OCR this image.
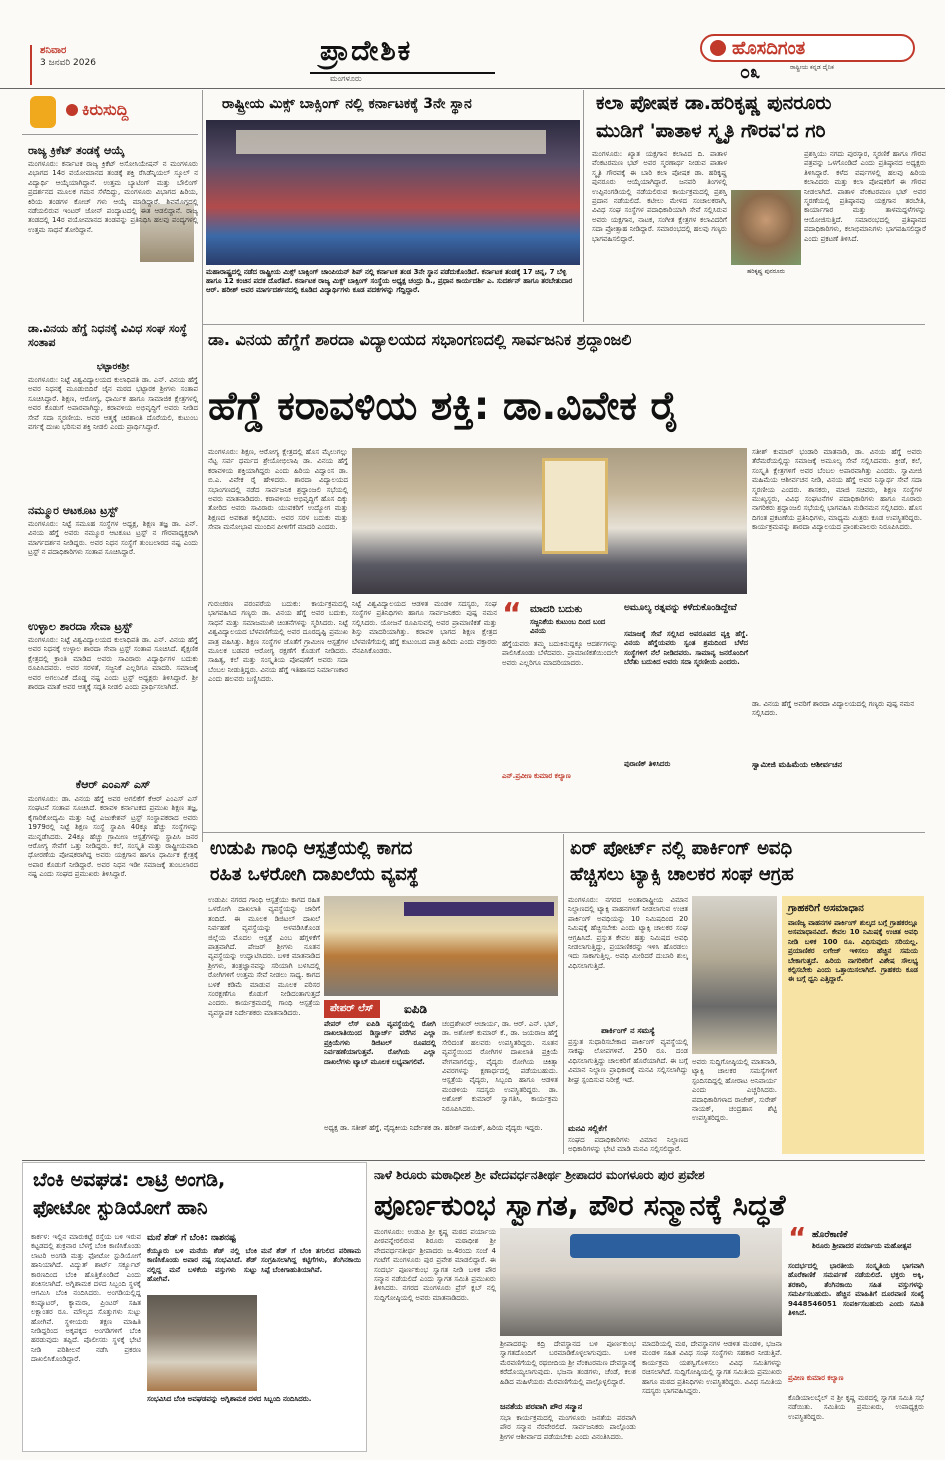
ಶನಿವಾರ
3 ಜನವರಿ 2026
ಮಂಗಳೂರು
ಪ್ರಾದೇಶಿಕ	ಹೊಸದಿಗಂತ
ರಾಷ್ಟ್ರೀಯ ಕನ್ನಡ ದೈನಿಕ
೦೩
ಕಿರುಸುದ್ದಿ
ರಾಜ್ಯ ಕ್ರಿಕೆಟ್ ತಂಡಕ್ಕೆ ಆಯ್ಕೆ
ಮಂಗಳೂರು: ಕರ್ನಾಟಕ ರಾಜ್ಯ ಕ್ರಿಕೆಟ್ ಅಸೋಸಿಯೇಷನ್ ನ ಮಂಗಳೂರು ವಿಭಾಗದ 14ರ ವಯೋಮಾನದ ತಂಡಕ್ಕೆ ಶಕ್ತಿ ರೆಸಿಡೆನ್ಶಿಯಲ್ ಸ್ಕೂಲ್ ನ ವಿದ್ಯಾರ್ಥಿ ಆಯ್ಕೆಯಾಗಿದ್ದಾನೆ. ಉತ್ತಮ ಬ್ಯಾಟಿಂಗ್ ಮತ್ತು ಬೌಲಿಂಗ್ ಪ್ರದರ್ಶನದ ಮೂಲಕ ಗಮನ ಸೆಳೆದಿದ್ದು, ಮಂಗಳೂರು ವಿಭಾಗದ ಹಿರಿಯ, ಕಿರಿಯ ತಂಡಗಳ ಕೋಚ್ ಗಳು ಆಯ್ಕೆ ಮಾಡಿದ್ದಾರೆ. ಶಿವಮೊಗ್ಗದಲ್ಲಿ ನಡೆಯಲಿರುವ ಇಂಟರ್ ಜೋನ್ ಪಂದ್ಯಾಟದಲ್ಲಿ ಈತ ಆಡಲಿದ್ದಾನೆ. ರಾಜ್ಯ ತಂಡದಲ್ಲಿ 14ರ ವಯೋಮಾನದ ತಂಡವನ್ನು ಪ್ರತಿನಿಧಿಸಿ ಹಲವು ಪಂದ್ಯಗಳಲ್ಲಿ ಉತ್ತಮ ಸಾಧನೆ ತೋರಿದ್ದಾನೆ.
ಡಾ.ವಿನಯ ಹೆಗ್ಡೆ ನಿಧನಕ್ಕೆ ವಿವಿಧ ಸಂಘ ಸಂಸ್ಥೆ ಸಂತಾಪ
ಭಟ್ಟಾರಕಶ್ರೀ
ಮಂಗಳೂರು: ನಿಟ್ಟೆ ವಿಶ್ವವಿದ್ಯಾಲಯದ ಕುಲಾಧಿಪತಿ ಡಾ. ಎನ್. ವಿನಯ ಹೆಗ್ಡೆ ಅವರ ನಿಧನಕ್ಕೆ ಮೂಡುಬಿದಿರೆ ಜೈನ ಮಠದ ಭಟ್ಟಾರಕ ಶ್ರೀಗಳು ಸಂತಾಪ ಸೂಚಿಸಿದ್ದಾರೆ. ಶಿಕ್ಷಣ, ಆರೋಗ್ಯ, ಧಾರ್ಮಿಕ ಹಾಗೂ ಸಾಮಾಜಿಕ ಕ್ಷೇತ್ರಗಳಲ್ಲಿ ಅವರ ಕೊಡುಗೆ ಅಪಾರವಾಗಿದ್ದು, ಕರಾವಳಿಯ ಅಭಿವೃದ್ಧಿಗೆ ಅವರು ನೀಡಿದ ಸೇವೆ ಸದಾ ಸ್ಮರಣೀಯ. ಅವರ ಆತ್ಮಕ್ಕೆ ಚಿರಶಾಂತಿ ದೊರೆಯಲಿ, ಕುಟುಂಬ ವರ್ಗಕ್ಕೆ ದುಃಖ ಭರಿಸುವ ಶಕ್ತಿ ನೀಡಲಿ ಎಂದು ಪ್ರಾರ್ಥಿಸಿದ್ದಾರೆ.
ನಮ್ಮೂರ ಆಟಕೂಟ ಟ್ರಸ್ಟ್
ಮಂಗಳೂರು: ನಿಟ್ಟೆ ಸಮೂಹ ಸಂಸ್ಥೆಗಳ ಅಧ್ಯಕ್ಷ, ಶಿಕ್ಷಣ ತಜ್ಞ ಡಾ. ಎನ್. ವಿನಯ ಹೆಗ್ಡೆ ಅವರು ನಮ್ಮೂರ ಆಟಕೂಟ ಟ್ರಸ್ಟ್ ನ ಗೌರವಾಧ್ಯಕ್ಷರಾಗಿ ಮಾರ್ಗದರ್ಶನ ನೀಡಿದ್ದರು. ಅವರ ನಿಧನ ಸಂಸ್ಥೆಗೆ ತುಂಬಲಾರದ ನಷ್ಟ ಎಂದು ಟ್ರಸ್ಟ್ ನ ಪದಾಧಿಕಾರಿಗಳು ಸಂತಾಪ ಸೂಚಿಸಿದ್ದಾರೆ.
ಉಳ್ಳಾಲ ಶಾರದಾ ಸೇವಾ ಟ್ರಸ್ಟ್
ಮಂಗಳೂರು: ನಿಟ್ಟೆ ವಿಶ್ವವಿದ್ಯಾಲಯದ ಕುಲಾಧಿಪತಿ ಡಾ. ಎನ್. ವಿನಯ ಹೆಗ್ಡೆ ಅವರ ನಿಧನಕ್ಕೆ ಉಳ್ಳಾಲ ಶಾರದಾ ಸೇವಾ ಟ್ರಸ್ಟ್ ಸಂತಾಪ ಸೂಚಿಸಿದೆ. ಶೈಕ್ಷಣಿಕ ಕ್ಷೇತ್ರದಲ್ಲಿ ಕ್ರಾಂತಿ ಮಾಡಿದ ಅವರು ಸಾವಿರಾರು ವಿದ್ಯಾರ್ಥಿಗಳ ಬದುಕು ರೂಪಿಸಿದವರು. ಅವರ ಸರಳತೆ, ಸಜ್ಜನಿಕೆ ಎಲ್ಲರಿಗೂ ಮಾದರಿ. ಸಮಾಜಕ್ಕೆ ಅವರ ಅಗಲುವಿಕೆ ದೊಡ್ಡ ನಷ್ಟ ಎಂದು ಟ್ರಸ್ಟ್ ಅಧ್ಯಕ್ಷರು ತಿಳಿಸಿದ್ದಾರೆ. ಶ್ರೀ ಶಾರದಾ ಮಾತೆ ಅವರ ಆತ್ಮಕ್ಕೆ ಸದ್ಗತಿ ನೀಡಲಿ ಎಂದು ಪ್ರಾರ್ಥಿಸಲಾಗಿದೆ.
ಕೆಆರ್ ಎಂಎಸ್ ಎಸ್
ಮಂಗಳೂರು: ಡಾ. ವಿನಯ ಹೆಗ್ಡೆ ಅವರ ಅಗಲಿಕೆಗೆ ಕೆಆರ್ ಎಂಎಸ್ ಎಸ್ ಸಂಘಟನೆ ಸಂತಾಪ ಸೂಚಿಸಿದೆ. ಕರಾವಳಿ ಕರ್ನಾಟಕದ ಪ್ರಮುಖ ಶಿಕ್ಷಣ ತಜ್ಞ, ಕೈಗಾರಿಕೋದ್ಯಮಿ ಮತ್ತು ನಿಟ್ಟೆ ಎಜುಕೇಶನ್ ಟ್ರಸ್ಟ್ ಸಂಸ್ಥಾಪಕರಾದ ಅವರು 1979ರಲ್ಲಿ ನಿಟ್ಟೆ ಶಿಕ್ಷಣ ಸಂಸ್ಥೆ ಸ್ಥಾಪಿಸಿ 40ಕ್ಕೂ ಹೆಚ್ಚು ಸಂಸ್ಥೆಗಳನ್ನು ಮುನ್ನಡೆಸಿದರು. 24ಕ್ಕೂ ಹೆಚ್ಚು ಗ್ರಾಮೀಣ ಆಸ್ಪತ್ರೆಗಳನ್ನು ಸ್ಥಾಪಿಸಿ ಜನರ ಆರೋಗ್ಯ ಸೇವೆಗೆ ಒತ್ತು ನೀಡಿದ್ದರು. ಕಲೆ, ಸಂಸ್ಕೃತಿ ಮತ್ತು ರಾಷ್ಟ್ರೀಯವಾದಿ ಧೋರಣೆಯ ಪೋಷಕರಾಗಿದ್ದ ಅವರು ಯಕ್ಷಗಾನ ಹಾಗೂ ಧಾರ್ಮಿಕ ಕ್ಷೇತ್ರಕ್ಕೆ ಅಪಾರ ಕೊಡುಗೆ ನೀಡಿದ್ದಾರೆ. ಅವರ ನಿಧನ ಇಡೀ ಸಮಾಜಕ್ಕೆ ತುಂಬಲಾರದ ನಷ್ಟ ಎಂದು ಸಂಘದ ಪ್ರಮುಖರು ತಿಳಿಸಿದ್ದಾರೆ.
ರಾಷ್ಟ್ರೀಯ ಮಿಕ್ಸ್ ಬಾಕ್ಸಿಂಗ್ ನಲ್ಲಿ ಕರ್ನಾಟಕಕ್ಕೆ 3ನೇ ಸ್ಥಾನ
ಮಹಾರಾಷ್ಟ್ರದಲ್ಲಿ ನಡೆದ ರಾಷ್ಟ್ರೀಯ ಮಿಕ್ಸ್ ಬಾಕ್ಸಿಂಗ್ ಚಾಂಪಿಯನ್ ಶಿಪ್ ನಲ್ಲಿ ಕರ್ನಾಟಕ ತಂಡ 3ನೇ ಸ್ಥಾನ ಪಡೆದುಕೊಂಡಿದೆ. ಕರ್ನಾಟಕ ತಂಡಕ್ಕೆ 17 ಚಿನ್ನ, 7 ಬೆಳ್ಳಿ ಹಾಗೂ 12 ಕಂಚಿನ ಪದಕ ದೊರೆತಿದೆ. ಕರ್ನಾಟಕ ರಾಜ್ಯ ಮಿಕ್ಸ್ ಬಾಕ್ಸಿಂಗ್ ಸಂಸ್ಥೆಯ ಅಧ್ಯಕ್ಷ ಚಂದ್ರು ಡಿ., ಪ್ರಧಾನ ಕಾರ್ಯದರ್ಶಿ ಎ. ಸುದರ್ಶನ್ ಹಾಗೂ ತರಬೇತುದಾರ ಆರ್. ಹರೀಶ್ ಅವರ ಮಾರ್ಗದರ್ಶನದಲ್ಲಿ ಕೂಡಿದ ವಿದ್ಯಾರ್ಥಿಗಳು ಕೂಡ ಪದಕಗಳನ್ನು ಗೆದ್ದಿದ್ದಾರೆ.
ಕಲಾ ಪೋಷಕ ಡಾ.ಹರಿಕೃಷ್ಣ ಪುನರೂರು
ಮುಡಿಗೆ 'ಪಾತಾಳ ಸ್ಮೃತಿ ಗೌರವ'ದ ಗರಿ
ಮಂಗಳೂರು: ಖ್ಯಾತ ಯಕ್ಷಗಾನ ಕಲಾವಿದ ದಿ. ಪಾತಾಳ ವೆಂಕಟರಮಣ ಭಟ್ ಅವರ ಸ್ಮರಣಾರ್ಥ ನೀಡುವ ಪಾತಾಳ ಸ್ಮೃತಿ ಗೌರವಕ್ಕೆ ಈ ಬಾರಿ ಕಲಾ ಪೋಷಕ ಡಾ. ಹರಿಕೃಷ್ಣ ಪುನರೂರು ಆಯ್ಕೆಯಾಗಿದ್ದಾರೆ. ಜನವರಿ ತಿಂಗಳಲ್ಲಿ ಉಪ್ಪಿನಂಗಡಿಯಲ್ಲಿ ನಡೆಯಲಿರುವ ಕಾರ್ಯಕ್ರಮದಲ್ಲಿ ಪ್ರಶಸ್ತಿ ಪ್ರದಾನ ನಡೆಯಲಿದೆ. ಕಟೀಲು ಮೇಳದ ಸಂಚಾಲಕರಾಗಿ, ವಿವಿಧ ಸಂಘ ಸಂಸ್ಥೆಗಳ ಪದಾಧಿಕಾರಿಯಾಗಿ ಸೇವೆ ಸಲ್ಲಿಸಿರುವ ಅವರು ಯಕ್ಷಗಾನ, ನಾಟಕ, ಸಂಗೀತ ಕ್ಷೇತ್ರಗಳ ಕಲಾವಿದರಿಗೆ ಸದಾ ಪ್ರೋತ್ಸಾಹ ನೀಡಿದ್ದಾರೆ. ಸಮಾರಂಭದಲ್ಲಿ ಹಲವು ಗಣ್ಯರು ಭಾಗವಹಿಸಲಿದ್ದಾರೆ.
ಹರಿಕೃಷ್ಣ ಪುನರೂರು
ಪ್ರಶಸ್ತಿಯು ನಗದು ಪುರಸ್ಕಾರ, ಸ್ಮರಣಿಕೆ ಹಾಗೂ ಗೌರವ ಪತ್ರವನ್ನು ಒಳಗೊಂಡಿದೆ ಎಂದು ಪ್ರತಿಷ್ಠಾನದ ಅಧ್ಯಕ್ಷರು ತಿಳಿಸಿದ್ದಾರೆ. ಕಳೆದ ವರ್ಷಗಳಲ್ಲಿ ಹಲವು ಹಿರಿಯ ಕಲಾವಿದರು ಮತ್ತು ಕಲಾ ಪೋಷಕರಿಗೆ ಈ ಗೌರವ ನೀಡಲಾಗಿದೆ. ಪಾತಾಳ ವೆಂಕಟರಮಣ ಭಟ್ ಅವರ ಸ್ಮರಣೆಯಲ್ಲಿ ಪ್ರತಿಷ್ಠಾನವು ಯಕ್ಷಗಾನ ತರಬೇತಿ, ಕಾರ್ಯಾಗಾರ ಮತ್ತು ತಾಳಮದ್ದಳೆಗಳನ್ನು ಆಯೋಜಿಸುತ್ತಿದೆ. ಸಮಾರಂಭದಲ್ಲಿ ಪ್ರತಿಷ್ಠಾನದ ಪದಾಧಿಕಾರಿಗಳು, ಕಲಾಭಿಮಾನಿಗಳು ಭಾಗವಹಿಸಲಿದ್ದಾರೆ ಎಂದು ಪ್ರಕಟಣೆ ತಿಳಿಸಿದೆ.
ಡಾ. ವಿನಯ ಹೆಗ್ಡೆಗೆ ಶಾರದಾ ವಿದ್ಯಾಲಯದ ಸಭಾಂಗಣದಲ್ಲಿ ಸಾರ್ವಜನಿಕ ಶ್ರದ್ಧಾಂಜಲಿ
ಹೆಗ್ಡೆ ಕರಾವಳಿಯ ಶಕ್ತಿ: ಡಾ.ವಿವೇಕ ರೈ
ಮಂಗಳೂರು: ಶಿಕ್ಷಣ, ಆರೋಗ್ಯ ಕ್ಷೇತ್ರದಲ್ಲಿ ಹೊಸ ಮೈಲುಗಲ್ಲು ನೆಟ್ಟ ಸರ್ವ ಧರ್ಮದ ಶ್ರೇಯೋಭಿಲಾಷಿ ಡಾ. ವಿನಯ ಹೆಗ್ಡೆ ಕರಾವಳಿಯ ಶಕ್ತಿಯಾಗಿದ್ದರು ಎಂದು ಹಿರಿಯ ವಿದ್ವಾಂಸ ಡಾ. ಬಿ.ಎ. ವಿವೇಕ ರೈ ಹೇಳಿದರು. ಶಾರದಾ ವಿದ್ಯಾಲಯದ ಸಭಾಂಗಣದಲ್ಲಿ ನಡೆದ ಸಾರ್ವಜನಿಕ ಶ್ರದ್ಧಾಂಜಲಿ ಸಭೆಯಲ್ಲಿ ಅವರು ಮಾತನಾಡಿದರು. ಕರಾವಳಿಯ ಅಭಿವೃದ್ಧಿಗೆ ಹೊಸ ದಿಕ್ಕು ತೋರಿದ ಅವರು ಸಾವಿರಾರು ಯುವಕರಿಗೆ ಉದ್ಯೋಗ ಮತ್ತು ಶಿಕ್ಷಣದ ಅವಕಾಶ ಕಲ್ಪಿಸಿದರು. ಅವರ ಸರಳ ಬದುಕು ಮತ್ತು ಸೇವಾ ಮನೋಭಾವ ಮುಂದಿನ ಪೀಳಿಗೆಗೆ ಮಾದರಿ ಎಂದರು.
ಸತೀಶ್ ಕುಮಾರ್ ಭಂಡಾರಿ ಮಾತನಾಡಿ, ಡಾ. ವಿನಯ ಹೆಗ್ಡೆ ಅವರು ತೆರೆಮರೆಯಲ್ಲಿದ್ದು ಸಮಾಜಕ್ಕೆ ಅಮೂಲ್ಯ ಸೇವೆ ಸಲ್ಲಿಸಿದವರು. ಕ್ರೀಡೆ, ಕಲೆ, ಸಂಸ್ಕೃತಿ ಕ್ಷೇತ್ರಗಳಿಗೆ ಅವರ ಬೆಂಬಲ ಅಪಾರವಾಗಿತ್ತು ಎಂದರು. ಸ್ವಾಮೀಜಿ ಮಹಿಮೆಯ ಆಶೀರ್ವಚನ ನೀಡಿ, ವಿನಯ ಹೆಗ್ಡೆ ಅವರ ನಿಸ್ವಾರ್ಥ ಸೇವೆ ಸದಾ ಸ್ಮರಣೀಯ ಎಂದರು. ಶಾಸಕರು, ಮಾಜಿ ಸಚಿವರು, ಶಿಕ್ಷಣ ಸಂಸ್ಥೆಗಳ ಮುಖ್ಯಸ್ಥರು, ವಿವಿಧ ಸಂಘಟನೆಗಳ ಪದಾಧಿಕಾರಿಗಳು ಹಾಗೂ ನೂರಾರು ನಾಗರಿಕರು ಶ್ರದ್ಧಾಂಜಲಿ ಸಭೆಯಲ್ಲಿ ಭಾಗವಹಿಸಿ ನುಡಿನಮನ ಸಲ್ಲಿಸಿದರು. ಹೊಸ ದಿಗಂತ ಪ್ರಕಟಣೆಯ ಪ್ರತಿನಿಧಿಗಳು, ಮಾಧ್ಯಮ ಮಿತ್ರರು ಕೂಡ ಉಪಸ್ಥಿತರಿದ್ದರು. ಕಾರ್ಯಕ್ರಮವನ್ನು ಶಾರದಾ ವಿದ್ಯಾಲಯದ ಪ್ರಾಂಶುಪಾಲರು ನಿರೂಪಿಸಿದರು.
ಗುರುಚರಣ ಪರಂಪರೆಯ ಬದುಕು: ಕಾರ್ಯಕ್ರಮದಲ್ಲಿ ಭಾಗವಹಿಸಿದ ಗಣ್ಯರು ಡಾ. ವಿನಯ ಹೆಗ್ಡೆ ಅವರ ಬದುಕು, ಸಾಧನೆ ಮತ್ತು ಸಮಾಜಮುಖಿ ಚಿಂತನೆಗಳನ್ನು ಸ್ಮರಿಸಿದರು. ನಿಟ್ಟೆ ವಿಶ್ವವಿದ್ಯಾಲಯದ ಬೆಳವಣಿಗೆಯಲ್ಲಿ ಅವರ ದೂರದೃಷ್ಟಿ ಪ್ರಮುಖ ಪಾತ್ರ ವಹಿಸಿತ್ತು. ಶಿಕ್ಷಣ ಸಂಸ್ಥೆಗಳ ಜೊತೆಗೆ ಗ್ರಾಮೀಣ ಆಸ್ಪತ್ರೆಗಳ ಮೂಲಕ ಬಡವರ ಆರೋಗ್ಯ ರಕ್ಷಣೆಗೆ ಕೊಡುಗೆ ನೀಡಿದರು. ಸಾಹಿತ್ಯ, ಕಲೆ ಮತ್ತು ಸಂಸ್ಕೃತಿಯ ಪೋಷಣೆಗೆ ಅವರು ಸದಾ ಬೆಂಬಲ ನೀಡುತ್ತಿದ್ದರು. ವಿನಯ ಹೆಗ್ಡೆ ಇತಿಹಾಸದ ನಿರ್ಮಾಣಕಾರ ಎಂದು ಹಲವರು ಬಣ್ಣಿಸಿದರು.
ನಿಟ್ಟೆ ವಿಶ್ವವಿದ್ಯಾಲಯದ ಆಡಳಿತ ಮಂಡಳಿ ಸದಸ್ಯರು, ಸಂಘ ಸಂಸ್ಥೆಗಳ ಪ್ರತಿನಿಧಿಗಳು ಹಾಗೂ ಸಾರ್ವಜನಿಕರು ಪುಷ್ಪ ನಮನ ಸಲ್ಲಿಸಿದರು. ಯೋಜನೆ ರೂಪಿಸುವಲ್ಲಿ ಅವರ ಪ್ರಾಮಾಣಿಕತೆ ಮತ್ತು ಶಿಸ್ತು ಮಾದರಿಯಾಗಿತ್ತು. ಕರಾವಳಿ ಭಾಗದ ಶಿಕ್ಷಣ ಕ್ಷೇತ್ರದ ಬೆಳವಣಿಗೆಯಲ್ಲಿ ಹೆಗ್ಡೆ ಕುಟುಂಬದ ಪಾತ್ರ ಹಿರಿದು ಎಂದು ವಕ್ತಾರರು ನೆನಪಿಸಿಕೊಂಡರು.
“ ಮಾದರಿ ಬದುಕು
ಸಜ್ಜನಿಕೆಯ ಕುಟುಂಬ ದಿಂದ ಬಂದ ವಿನಯ
ಹೆಗ್ಡೆಯವರು ತಮ್ಮ ಬದುಕಿನುದ್ದಕ್ಕೂ ಆದರ್ಶಗಳನ್ನು ಪಾಲಿಸಿಕೊಂಡು ಬೆಳೆದವರು. ಪ್ರಾಮಾಣಿಕತೆಯಿಂದಲೇ ಅವರು ಎಲ್ಲರಿಗೂ ಮಾದರಿಯಾದರು.
ಎನ್.ಪ್ರವೀಣ ಕುಮಾರ ಕಲ್ಯಾಣ
ಅಮೂಲ್ಯ ರತ್ನವನ್ನು ಕಳೆದುಕೊಂಡಿದ್ದೇವೆ
ಸಮಾಜಕ್ಕೆ ಸೇವೆ ಸಲ್ಲಿಸಿದ ಅಪರೂಪದ ವ್ಯಕ್ತಿ ಹೆಗ್ಡೆ. ವಿನಯ ಹೆಗ್ಡೆಯವರು ಸ್ವಂತ ಶ್ರಮದಿಂದ ಬೆಳೆದ ಸಂಸ್ಥೆಗಳಿಗೆ ನೆಲೆ ನೀಡಿದವರು. ಸಾಮಾನ್ಯ ಜನರೊಂದಿಗೆ ಬೆರೆತು ಬದುಕಿದ ಅವರು ಸದಾ ಸ್ಮರಣೀಯ ಎಂದರು.
ಪುರಾಣಿಕ್ ತಿಳಿಸಿದರು
ಡಾ. ವಿನಯ ಹೆಗ್ಡೆ ಅವರಿಗೆ ಶಾರದಾ ವಿದ್ಯಾಲಯದಲ್ಲಿ ಗಣ್ಯರು ಪುಷ್ಪ ನಮನ ಸಲ್ಲಿಸಿದರು.
ಸ್ವಾಮೀಜಿ ಮಹಿಮೆಯ ಆಶೀರ್ವಚನ
ಉಡುಪಿ ಗಾಂಧಿ ಆಸ್ಪತ್ರೆಯಲ್ಲಿ ಕಾಗದ
ರಹಿತ ಒಳರೋಗಿ ದಾಖಲೆಯ ವ್ಯವಸ್ಥೆ
ಉಡುಪಿ: ನಗರದ ಗಾಂಧಿ ಆಸ್ಪತ್ರೆಯು ಕಾಗದ ರಹಿತ ಒಳರೋಗಿ ದಾಖಲಾತಿ ವ್ಯವಸ್ಥೆಯನ್ನು ಜಾರಿಗೆ ತಂದಿದೆ. ಈ ಮೂಲಕ ಡಿಜಿಟಲ್ ದಾಖಲೆ ನಿರ್ವಹಣೆ ವ್ಯವಸ್ಥೆಯನ್ನು ಅಳವಡಿಸಿಕೊಂಡ ಜಿಲ್ಲೆಯ ಮೊದಲ ಆಸ್ಪತ್ರೆ ಎಂಬ ಹೆಗ್ಗಳಿಕೆಗೆ ಪಾತ್ರವಾಗಿದೆ. ಪೇಜರ್ ಶ್ರೀಗಳು ನೂತನ ವ್ಯವಸ್ಥೆಯನ್ನು ಉದ್ಘಾಟಿಸಿದರು. ಬಳಿಕ ಮಾತನಾಡಿದ ಶ್ರೀಗಳು, ತಂತ್ರಜ್ಞಾನವನ್ನು ಸರಿಯಾಗಿ ಬಳಸಿದಲ್ಲಿ ರೋಗಿಗಳಿಗೆ ಉತ್ತಮ ಸೇವೆ ನೀಡಲು ಸಾಧ್ಯ. ಕಾಗದ ಬಳಕೆ ಕಡಿಮೆ ಮಾಡುವ ಮೂಲಕ ಪರಿಸರ ಸಂರಕ್ಷಣೆಗೂ ಕೊಡುಗೆ ನೀಡಿದಂತಾಗುತ್ತದೆ ಎಂದರು. ಕಾರ್ಯಕ್ರಮದಲ್ಲಿ ಗಾಂಧಿ ಆಸ್ಪತ್ರೆಯ ವ್ಯವಸ್ಥಾಪಕ ನಿರ್ದೇಶಕರು ಮಾತನಾಡಿದರು.	ಪೇಪರ್ ಲೆಸ್	ಐಪಿಡಿ
ಪೇಪರ್ ಲೆಸ್ ಐಪಿಡಿ ವ್ಯವಸ್ಥೆಯಲ್ಲಿ ರೋಗಿ ದಾಖಲಾತಿಯಿಂದ ಡಿಸ್ಚಾರ್ಜ್ ವರೆಗಿನ ಎಲ್ಲಾ ಪ್ರಕ್ರಿಯೆಗಳು ಡಿಜಿಟಲ್ ರೂಪದಲ್ಲಿ ನಿರ್ವಹಣೆಯಾಗುತ್ತವೆ. ರೋಗಿಯ ಎಲ್ಲಾ ದಾಖಲೆಗಳು ಟ್ಯಾಬ್ ಮೂಲಕ ಲಭ್ಯವಾಗಲಿವೆ.
ಚಂದ್ರಶೇಖರ್ ಆಚಾರ್ಯ, ಡಾ. ಆರ್. ಎನ್. ಭಟ್, ಡಾ. ಅಶೋಕ್ ಕುಮಾರ್ ಕೆ., ಡಾ. ಜಯರಾಜ ಹೆಗ್ಡೆ ಸೇರಿದಂತೆ ಹಲವರು ಉಪಸ್ಥಿತರಿದ್ದರು. ನೂತನ ವ್ಯವಸ್ಥೆಯಿಂದ ರೋಗಿಗಳ ದಾಖಲಾತಿ ಪ್ರಕ್ರಿಯೆ ವೇಗವಾಗಲಿದ್ದು, ವೈದ್ಯರು ರೋಗಿಯ ಚಿಕಿತ್ಸಾ ವಿವರಗಳನ್ನು ಕ್ಷಣಾರ್ಧದಲ್ಲಿ ಪಡೆಯಬಹುದು. ಆಸ್ಪತ್ರೆಯ ವೈದ್ಯರು, ಸಿಬ್ಬಂದಿ ಹಾಗೂ ಆಡಳಿತ ಮಂಡಳಿಯ ಸದಸ್ಯರು ಉಪಸ್ಥಿತರಿದ್ದರು. ಡಾ. ಅಶೋಕ್ ಕುಮಾರ್ ಸ್ವಾಗತಿಸಿ, ಕಾರ್ಯಕ್ರಮ ನಿರೂಪಿಸಿದರು.
ಅಧ್ಯಕ್ಷ ಡಾ. ಸತೀಶ್ ಹೆಗ್ಡೆ, ವೈದ್ಯಕೀಯ ನಿರ್ದೇಶಕ ಡಾ. ಹರೀಶ್ ನಾಯಕ್, ಹಿರಿಯ ವೈದ್ಯರು ಇದ್ದರು.
ಏರ್ ಪೋರ್ಟ್ ನಲ್ಲಿ ಪಾರ್ಕಿಂಗ್ ಅವಧಿ
ಹೆಚ್ಚಿಸಲು ಟ್ಯಾಕ್ಸಿ ಚಾಲಕರ ಸಂಘ ಆಗ್ರಹ
ಮಂಗಳೂರು: ನಗರದ ಅಂತಾರಾಷ್ಟ್ರೀಯ ವಿಮಾನ ನಿಲ್ದಾಣದಲ್ಲಿ ಟ್ಯಾಕ್ಸಿ ವಾಹನಗಳಿಗೆ ನೀಡಲಾಗುವ ಉಚಿತ ಪಾರ್ಕಿಂಗ್ ಅವಧಿಯನ್ನು 10 ನಿಮಿಷದಿಂದ 20 ನಿಮಿಷಕ್ಕೆ ಹೆಚ್ಚಿಸಬೇಕು ಎಂದು ಟ್ಯಾಕ್ಸಿ ಚಾಲಕರ ಸಂಘ ಆಗ್ರಹಿಸಿದೆ. ಪ್ರಸ್ತುತ ಕೇವಲ ಹತ್ತು ನಿಮಿಷದ ಅವಧಿ ನೀಡಲಾಗುತ್ತಿದ್ದು, ಪ್ರಯಾಣಿಕರನ್ನು ಇಳಿಸಿ ಹೊರಡಲು ಇದು ಸಾಕಾಗುತ್ತಿಲ್ಲ. ಅವಧಿ ಮೀರಿದರೆ ದುಬಾರಿ ಶುಲ್ಕ ವಿಧಿಸಲಾಗುತ್ತಿದೆ.
ಪಾರ್ಕಿಂಗ್ ನ ಸಮಸ್ಯೆ
ಪ್ರಸ್ತುತ ಸುಧಾರಿಸಬೇಕಾದ ಪಾರ್ಕಿಂಗ್ ವ್ಯವಸ್ಥೆಯಲ್ಲಿ ಸಾಕಷ್ಟು ಲೋಪಗಳಿವೆ. 250 ರೂ. ದಂಡ ವಿಧಿಸಲಾಗುತ್ತಿದ್ದು ಚಾಲಕರಿಗೆ ಹೊರೆಯಾಗಿದೆ. ಈ ಬಗ್ಗೆ ವಿಮಾನ ನಿಲ್ದಾಣ ಪ್ರಾಧಿಕಾರಕ್ಕೆ ಮನವಿ ಸಲ್ಲಿಸಲಾಗಿದ್ದು ಶೀಘ್ರ ಸ್ಪಂದಿಸುವ ನಿರೀಕ್ಷೆ ಇದೆ.
ಮನವಿ ಸಲ್ಲಿಕೆಗೆ
ಸಂಘದ ಪದಾಧಿಕಾರಿಗಳು ವಿಮಾನ ನಿಲ್ದಾಣದ ಅಧಿಕಾರಿಗಳನ್ನು ಭೇಟಿ ಮಾಡಿ ಮನವಿ ಸಲ್ಲಿಸಲಿದ್ದಾರೆ.
ಅವರು ಸುದ್ದಿಗೋಷ್ಠಿಯಲ್ಲಿ ಮಾತನಾಡಿ, ಟ್ಯಾಕ್ಸಿ ಚಾಲಕರ ಸಮಸ್ಯೆಗಳಿಗೆ ಸ್ಪಂದಿಸದಿದ್ದಲ್ಲಿ ಹೋರಾಟ ಅನಿವಾರ್ಯ ಎಂದು ಎಚ್ಚರಿಸಿದರು. ಪದಾಧಿಕಾರಿಗಳಾದ ರಾಜೇಶ್, ಸುರೇಶ್ ನಾಯಕ್, ಚಂದ್ರಹಾಸ ಶೆಟ್ಟಿ ಉಪಸ್ಥಿತರಿದ್ದರು.
ಗ್ರಾಹಕರಿಗೆ ಅಸಮಾಧಾನ
ವಾಣಿಜ್ಯ ವಾಹನಗಳ ಪಾರ್ಕಿಂಗ್ ಶುಲ್ಕದ ಬಗ್ಗೆ ಗ್ರಾಹಕರಲ್ಲೂ ಅಸಮಾಧಾನವಿದೆ. ಕೇವಲ 10 ನಿಮಿಷಕ್ಕೆ ಉಚಿತ ಅವಧಿ ನೀಡಿ ಬಳಿಕ 100 ರೂ. ವಿಧಿಸುವುದು ಸರಿಯಲ್ಲ. ಪ್ರಯಾಣಿಕರ ಲಗೇಜ್ ಇಳಿಸಲು ಹೆಚ್ಚಿನ ಸಮಯ ಬೇಕಾಗುತ್ತದೆ. ಹಿರಿಯ ನಾಗರಿಕರಿಗೆ ವಿಶೇಷ ಸೌಲಭ್ಯ ಕಲ್ಪಿಸಬೇಕು ಎಂದು ಒತ್ತಾಯಿಸಲಾಗಿದೆ. ಗ್ರಾಹಕರು ಕೂಡ ಈ ಬಗ್ಗೆ ಧ್ವನಿ ಎತ್ತಿದ್ದಾರೆ.
ಬೆಂಕಿ ಅವಘಡ: ಲಾಟ್ರಿ ಅಂಗಡಿ,
ಫೋಟೋ ಸ್ಟುಡಿಯೋಗೆ ಹಾನಿ
ಕಾರ್ಕಳ: ಇಲ್ಲಿನ ಮಾರುಕಟ್ಟೆ ರಸ್ತೆಯ ಬಳಿ ಇರುವ ಕಟ್ಟಡದಲ್ಲಿ ಶುಕ್ರವಾರ ಬೆಳಗ್ಗೆ ಬೆಂಕಿ ಕಾಣಿಸಿಕೊಂಡು ಲಾಟರಿ ಅಂಗಡಿ ಮತ್ತು ಫೋಟೋ ಸ್ಟುಡಿಯೋಗೆ ಹಾನಿಯಾಗಿದೆ. ವಿದ್ಯುತ್ ಶಾರ್ಟ್ ಸರ್ಕ್ಯೂಟ್ ಕಾರಣದಿಂದ ಬೆಂಕಿ ಹೊತ್ತಿಕೊಂಡಿದೆ ಎಂದು ಶಂಕಿಸಲಾಗಿದೆ. ಅಗ್ನಿಶಾಮಕ ದಳದ ಸಿಬ್ಬಂದಿ ಸ್ಥಳಕ್ಕೆ ಆಗಮಿಸಿ ಬೆಂಕಿ ನಂದಿಸಿದರು. ಅಂಗಡಿಯಲ್ಲಿದ್ದ ಕಂಪ್ಯೂಟರ್, ಕ್ಯಾಮರಾ, ಪ್ರಿಂಟರ್ ಸಹಿತ ಲಕ್ಷಾಂತರ ರೂ. ಮೌಲ್ಯದ ಸೊತ್ತುಗಳು ಸುಟ್ಟು ಹೋಗಿವೆ. ಸ್ಥಳೀಯರು ತಕ್ಷಣ ಮಾಹಿತಿ ನೀಡಿದ್ದರಿಂದ ಅಕ್ಕಪಕ್ಕದ ಅಂಗಡಿಗಳಿಗೆ ಬೆಂಕಿ ಹರಡುವುದು ತಪ್ಪಿದೆ. ಪೊಲೀಸರು ಸ್ಥಳಕ್ಕೆ ಭೇಟಿ ನೀಡಿ ಪರಿಶೀಲನೆ ನಡೆಸಿ ಪ್ರಕರಣ ದಾಖಲಿಸಿಕೊಂಡಿದ್ದಾರೆ.
ಮನೆ ಶೆಡ್ ಗೆ ಬೆಂಕಿ: ನಾಶನಷ್ಟ
ಕೆಯ್ಯೂರು ಬಳಿ ಮನೆಯ ಶೆಡ್ ನಲ್ಲಿ ಬೆಂಕಿ ಕಾಣಿಸಿಕೊಂಡು ಅಪಾರ ನಷ್ಟ ಸಂಭವಿಸಿದೆ. ಶೆಡ್ ನಲ್ಲಿದ್ದ ಮನೆ ಬಳಕೆಯ ವಸ್ತುಗಳು ಸುಟ್ಟು ಹೋಗಿವೆ.
ಮನೆ ಶೆಡ್ ಗೆ ಬೆಂಕಿ ತಗುಲಿದ ಪರಿಣಾಮ ಸಂಗ್ರಹಿಸಲಾಗಿದ್ದ ಕಟ್ಟಿಗೆಗಳು, ತೆಂಗಿನಕಾಯಿ ಸಿಪ್ಪೆ ಬೆಂಕಿಗಾಹುತಿಯಾಗಿವೆ.
ಸಂಭವಿಸಿದ ಬೆಂಕಿ ಅವಘಡವನ್ನು ಅಗ್ನಿಶಾಮಕ ದಳದ ಸಿಬ್ಬಂದಿ ನಂದಿಸಿದರು.
ನಾಳೆ ಶಿರೂರು ಮಠಾಧೀಶ ಶ್ರೀ ವೇದವರ್ಧನತೀರ್ಥ ಶ್ರೀಪಾದರ ಮಂಗಳೂರು ಪುರ ಪ್ರವೇಶ
ಪೂರ್ಣಕುಂಭ ಸ್ವಾಗತ, ಪೌರ ಸನ್ಮಾನಕ್ಕೆ ಸಿದ್ಧತೆ
ಮಂಗಳೂರು: ಉಡುಪಿ ಶ್ರೀ ಕೃಷ್ಣ ಮಠದ ಪರ್ಯಾಯ ಪೀಠವನ್ನೇರಲಿರುವ ಶಿರೂರು ಮಠಾಧೀಶ ಶ್ರೀ ವೇದವರ್ಧನತೀರ್ಥ ಶ್ರೀಪಾದರು ಜ.4ರಂದು ಸಂಜೆ 4 ಗಂಟೆಗೆ ಮಂಗಳೂರು ಪುರ ಪ್ರವೇಶ ಮಾಡಲಿದ್ದಾರೆ. ಈ ಸಂದರ್ಭ ಪೂರ್ಣಕುಂಭ ಸ್ವಾಗತ ನೀಡಿ ಬಳಿಕ ಪೌರ ಸನ್ಮಾನ ನಡೆಯಲಿದೆ ಎಂದು ಸ್ವಾಗತ ಸಮಿತಿ ಪ್ರಮುಖರು ತಿಳಿಸಿದರು. ನಗರದ ಮಂಗಳೂರು ಪ್ರೆಸ್ ಕ್ಲಬ್ ನಲ್ಲಿ ಸುದ್ದಿಗೋಷ್ಠಿಯಲ್ಲಿ ಅವರು ಮಾತನಾಡಿದರು.
ಶ್ರೀಪಾದರನ್ನು ಕದ್ರಿ ದೇವಸ್ಥಾನದ ಬಳಿ ಪೂರ್ಣಕುಂಭ ಸ್ವಾಗತದೊಂದಿಗೆ ಬರಮಾಡಿಕೊಳ್ಳಲಾಗುವುದು. ಬಳಿಕ ಮೆರವಣಿಗೆಯಲ್ಲಿ ರಥಬೀದಿಯ ಶ್ರೀ ವೆಂಕಟರಮಣ ದೇವಸ್ಥಾನಕ್ಕೆ ಕರೆದೊಯ್ಯಲಾಗುವುದು. ಭಜನಾ ತಂಡಗಳು, ಚೆಂಡೆ, ಕಲಶ ಹಿಡಿದ ಮಹಿಳೆಯರು ಮೆರವಣಿಗೆಯಲ್ಲಿ ಪಾಲ್ಗೊಳ್ಳಲಿದ್ದಾರೆ.
ಜನತೆಯ ಪರವಾಗಿ ಪೌರ ಸನ್ಮಾನ
ಸಭಾ ಕಾರ್ಯಕ್ರಮದಲ್ಲಿ ಮಂಗಳೂರು ಜನತೆಯ ಪರವಾಗಿ ಪೌರ ಸನ್ಮಾನ ನೆರವೇರಲಿದೆ. ಸಾರ್ವಜನಿಕರು ಪಾಲ್ಗೊಂಡು ಶ್ರೀಗಳ ಆಶೀರ್ವಾದ ಪಡೆಯಬೇಕು ಎಂದು ವಿನಂತಿಸಿದರು.
ಮಾದರಿಯಲ್ಲಿ ಮಠ, ದೇವಸ್ಥಾನಗಳ ಆಡಳಿತ ಮಂಡಳಿ, ಭಜನಾ ಮಂಡಳಿ ಸಹಿತ ವಿವಿಧ ಸಂಘ ಸಂಸ್ಥೆಗಳು ಸಹಕಾರ ನೀಡುತ್ತಿವೆ. ಕಾರ್ಯಕ್ರಮ ಯಶಸ್ವಿಗೊಳಿಸಲು ವಿವಿಧ ಸಮಿತಿಗಳನ್ನು ರಚಿಸಲಾಗಿದೆ. ಸುದ್ದಿಗೋಷ್ಠಿಯಲ್ಲಿ ಸ್ವಾಗತ ಸಮಿತಿಯ ಪ್ರಮುಖರು ಹಾಗೂ ಮಠದ ಪ್ರತಿನಿಧಿಗಳು ಉಪಸ್ಥಿತರಿದ್ದರು. ವಿವಿಧ ಸಮಿತಿಯ ಸದಸ್ಯರು ಭಾಗವಹಿಸಿದ್ದರು.
“ ಹೊರೆಕಾಣಿಕೆ
ಶಿರೂರು ಶ್ರೀಪಾದರ ಪರ್ಯಾಯ ಮಹೋತ್ಸವ
ಸಂದರ್ಭದಲ್ಲಿ ಭಾರತೀಯ ಸಂಸ್ಕೃತಿಯ ಭಾಗವಾಗಿ ಹೊರೆಕಾಣಿಕೆ ಸಮರ್ಪಣೆ ನಡೆಯಲಿದೆ. ಭಕ್ತರು ಅಕ್ಕಿ, ತರಕಾರಿ, ತೆಂಗಿನಕಾಯಿ ಸಹಿತ ವಸ್ತುಗಳನ್ನು ಸಮರ್ಪಿಸಬಹುದು. ಹೆಚ್ಚಿನ ಮಾಹಿತಿಗೆ ದೂರವಾಣಿ ಸಂಖ್ಯೆ 9448546051 ಸಂಪರ್ಕಿಸಬಹುದು ಎಂದು ಸಮಿತಿ ತಿಳಿಸಿದೆ.
ಪ್ರವೀಣ ಕುಮಾರ ಕಲ್ಯಾಣ
ಕೊಡಿಯಾಲಬೈಲ್ ನ ಶ್ರೀ ಕೃಷ್ಣ ಮಠದಲ್ಲಿ ಸ್ವಾಗತ ಸಮಿತಿ ಸಭೆ ನಡೆಯಿತು. ಸಮಿತಿಯ ಪ್ರಮುಖರು, ಉಪಾಧ್ಯಕ್ಷರು ಉಪಸ್ಥಿತರಿದ್ದರು.
